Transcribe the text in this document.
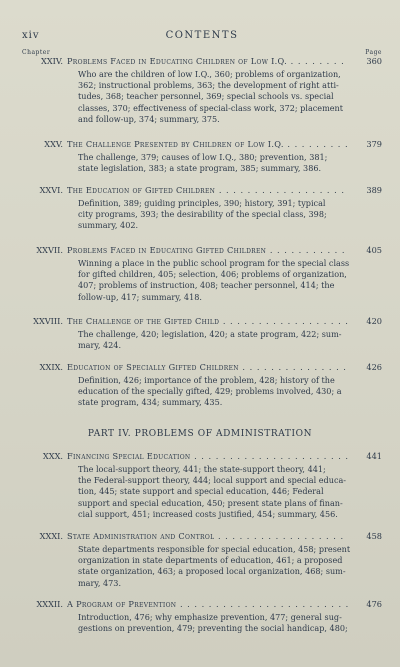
xiv	CONTENTS
Chapter	Page
XXIV. Problems Faced in Educating Children of Low I.Q. . . .	360
Who are the children of low I.Q., 360; problems of organization,
362; instructional problems, 363; the development of right atti-
tudes, 368; teacher personnel, 369; special schools vs. special
classes, 370; effectiveness of special-class work, 372; placement
and follow-up, 374; summary, 375.
XXV. The Challenge Presented by Children of Low I.Q. . . .	379
The challenge, 379; causes of low I.Q., 380; prevention, 381;
state legislation, 383; a state program, 385; summary, 386.
XXVI. The Education of Gifted Children . . .	389
Definition, 389; guiding principles, 390; history, 391; typical
city programs, 393; the desirability of the special class, 398;
summary, 402.
XXVII. Problems Faced in Educating Gifted Children . . .	405
Winning a place in the public school program for the special class
for gifted children, 405; selection, 406; problems of organization,
407; problems of instruction, 408; teacher personnel, 414; the
follow-up, 417; summary, 418.
XXVIII. The Challenge of the Gifted Child . . .	420
The challenge, 420; legislation, 420; a state program, 422; sum-
mary, 424.
XXIX. Education of Specially Gifted Children . . .	426
Definition, 426; importance of the problem, 428; history of the
education of the specially gifted, 429; problems involved, 430; a
state program, 434; summary, 435.
PART IV. PROBLEMS OF ADMINISTRATION
XXX. Financing Special Education . . .	441
The local-support theory, 441; the state-support theory, 441;
the Federal-support theory, 444; local support and special educa-
tion, 445; state support and special education, 446; Federal
support and special education, 450; present state plans of finan-
cial support, 451; increased costs justified, 454; summary, 456.
XXXI. State Administration and Control . . .	458
State departments responsible for special education, 458; present
organization in state departments of education, 461; a proposed
state organization, 463; a proposed local organization, 468; sum-
mary, 473.
XXXII. A Program of Prevention . . .	476
Introduction, 476; why emphasize prevention, 477; general sug-
gestions on prevention, 479; preventing the social handicap, 480;
